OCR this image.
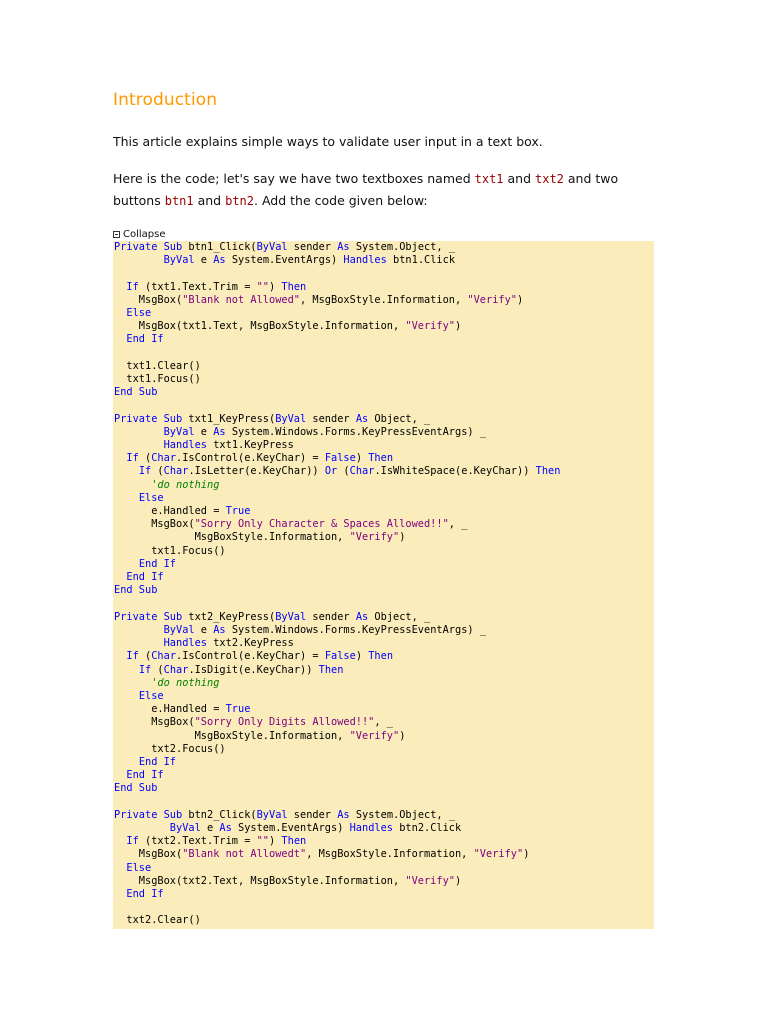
Introduction

This article explains simple ways to validate user input in a text box.

Here is the code; let's say we have two textboxes named txt1 and txt2 and two buttons btn1 and btn2. Add the code given below:

Collapse
Private Sub btn1_Click(ByVal sender As System.Object, _
ByVal e As System.EventArgs) Handles btn1.Click

If (txt1.Text.Trim = "") Then
MsgBox("Blank not Allowed", MsgBoxStyle.Information, "Verify")
Else
MsgBox(txt1.Text, MsgBoxStyle.Information, "Verify")
End If

txt1.Clear()
txt1.Focus()
End Sub

Private Sub txt1_KeyPress(ByVal sender As Object, _
ByVal e As System.Windows.Forms.KeyPressEventArgs) _
Handles txt1.KeyPress
If (Char.IsControl(e.KeyChar) = False) Then
If (Char.IsLetter(e.KeyChar)) Or (Char.IsWhiteSpace(e.KeyChar)) Then
'do nothing
Else
e.Handled = True
MsgBox("Sorry Only Character & Spaces Allowed!!", _
MsgBoxStyle.Information, "Verify")
txt1.Focus()
End If
End If
End Sub

Private Sub txt2_KeyPress(ByVal sender As Object, _
ByVal e As System.Windows.Forms.KeyPressEventArgs) _
Handles txt2.KeyPress
If (Char.IsControl(e.KeyChar) = False) Then
If (Char.IsDigit(e.KeyChar)) Then
'do nothing
Else
e.Handled = True
MsgBox("Sorry Only Digits Allowed!!", _
MsgBoxStyle.Information, "Verify")
txt2.Focus()
End If
End If
End Sub

Private Sub btn2_Click(ByVal sender As System.Object, _
ByVal e As System.EventArgs) Handles btn2.Click
If (txt2.Text.Trim = "") Then
MsgBox("Blank not Allowedt", MsgBoxStyle.Information, "Verify")
Else
MsgBox(txt2.Text, MsgBoxStyle.Information, "Verify")
End If

txt2.Clear()
